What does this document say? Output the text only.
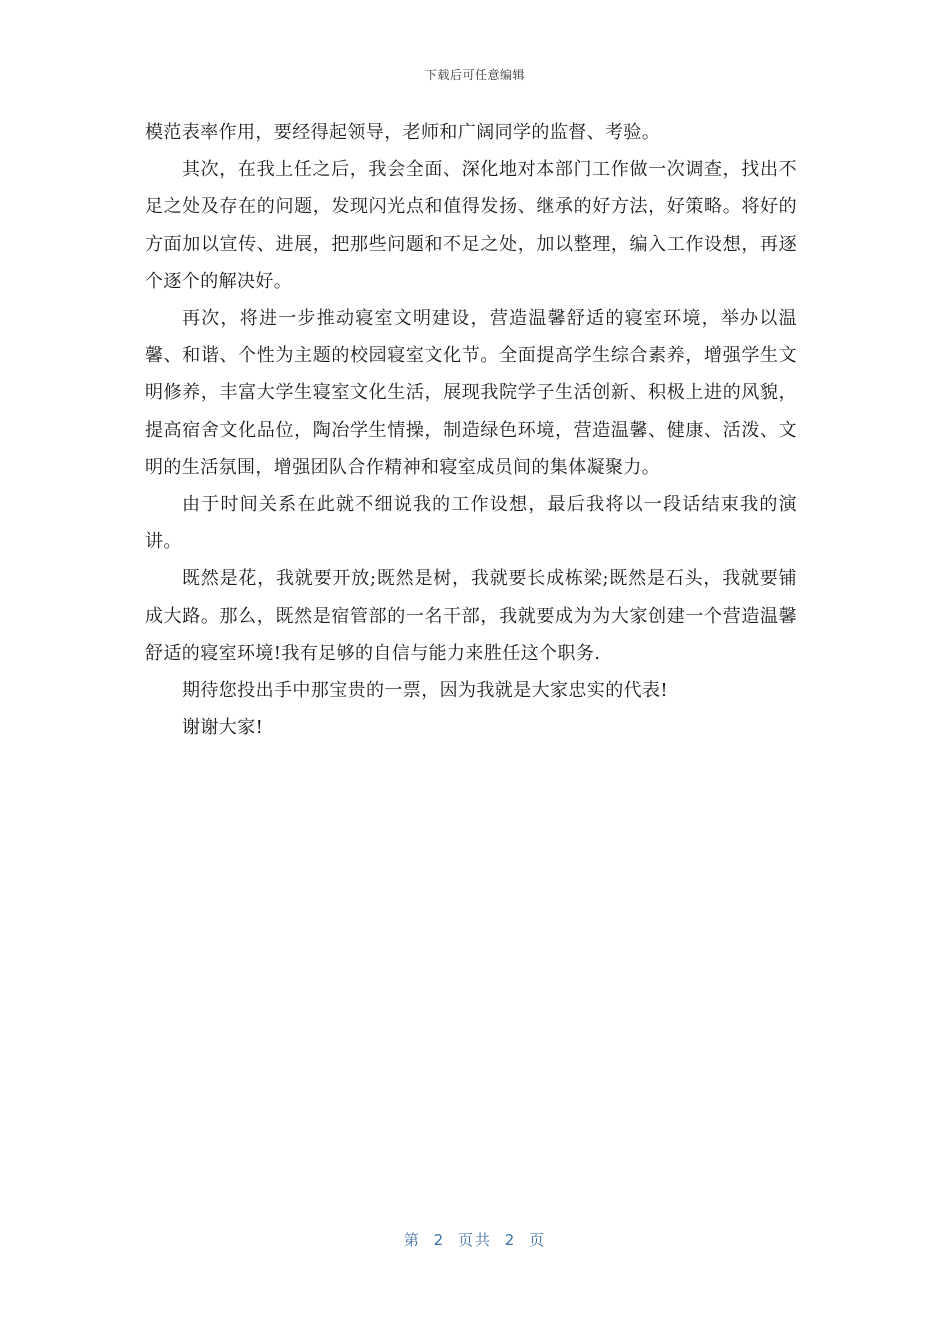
下载后可任意编辑

模范表率作用，要经得起领导，老师和广阔同学的监督、考验。

其次，在我上任之后，我会全面、深化地对本部门工作做一次调查，找出不足之处及存在的问题，发现闪光点和值得发扬、继承的好方法，好策略。将好的方面加以宣传、进展，把那些问题和不足之处，加以整理，编入工作设想，再逐个逐个的解决好。

再次，将进一步推动寝室文明建设，营造温馨舒适的寝室环境，举办以温馨、和谐、个性为主题的校园寝室文化节。全面提高学生综合素养，增强学生文明修养，丰富大学生寝室文化生活，展现我院学子生活创新、积极上进的风貌，提高宿舍文化品位，陶冶学生情操，制造绿色环境，营造温馨、健康、活泼、文明的生活氛围，增强团队合作精神和寝室成员间的集体凝聚力。

由于时间关系在此就不细说我的工作设想，最后我将以一段话结束我的演讲。

既然是花，我就要开放;既然是树，我就要长成栋梁;既然是石头，我就要铺成大路。那么，既然是宿管部的一名干部，我就要成为为大家创建一个营造温馨舒适的寝室环境!我有足够的自信与能力来胜任这个职务.

期待您投出手中那宝贵的一票，因为我就是大家忠实的代表!

谢谢大家!

第 2 页共 2 页
